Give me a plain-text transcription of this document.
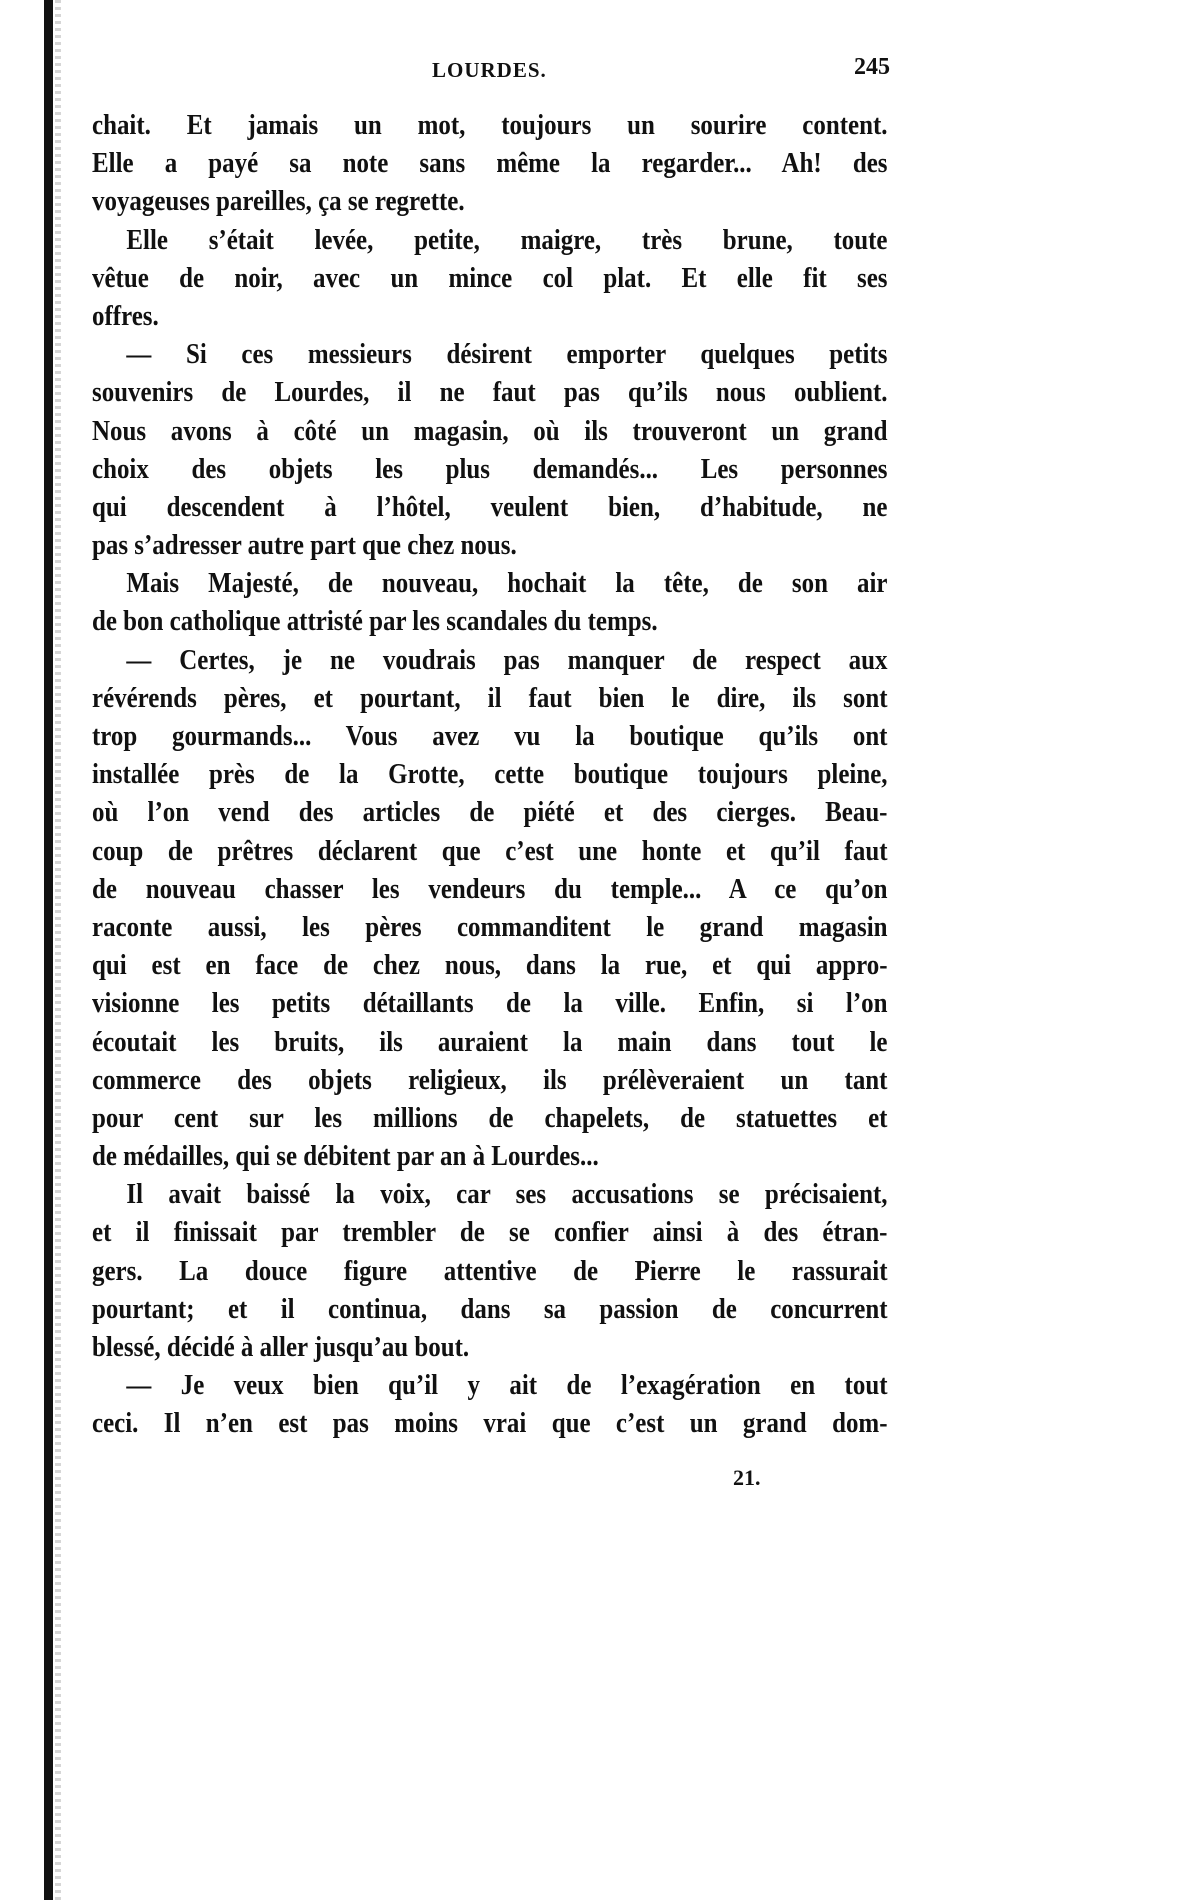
LOURDES.	245
chait. Et jamais un mot, toujours un sourire content.
Elle a payé sa note sans même la regarder... Ah! des
voyageuses pareilles, ça se regrette.
Elle s’était levée, petite, maigre, très brune, toute
vêtue de noir, avec un mince col plat. Et elle fit ses
offres.
— Si ces messieurs désirent emporter quelques petits
souvenirs de Lourdes, il ne faut pas qu’ils nous oublient.
Nous avons à côté un magasin, où ils trouveront un grand
choix des objets les plus demandés... Les personnes
qui descendent à l’hôtel, veulent bien, d’habitude, ne
pas s’adresser autre part que chez nous.
Mais Majesté, de nouveau, hochait la tête, de son air
de bon catholique attristé par les scandales du temps.
— Certes, je ne voudrais pas manquer de respect aux
révérends pères, et pourtant, il faut bien le dire, ils sont
trop gourmands... Vous avez vu la boutique qu’ils ont
installée près de la Grotte, cette boutique toujours pleine,
où l’on vend des articles de piété et des cierges. Beau-
coup de prêtres déclarent que c’est une honte et qu’il faut
de nouveau chasser les vendeurs du temple... A ce qu’on
raconte aussi, les pères commanditent le grand magasin
qui est en face de chez nous, dans la rue, et qui appro-
visionne les petits détaillants de la ville. Enfin, si l’on
écoutait les bruits, ils auraient la main dans tout le
commerce des objets religieux, ils prélèveraient un tant
pour cent sur les millions de chapelets, de statuettes et
de médailles, qui se débitent par an à Lourdes...
Il avait baissé la voix, car ses accusations se précisaient,
et il finissait par trembler de se confier ainsi à des étran-
gers. La douce figure attentive de Pierre le rassurait
pourtant; et il continua, dans sa passion de concurrent
blessé, décidé à aller jusqu’au bout.
— Je veux bien qu’il y ait de l’exagération en tout
ceci. Il n’en est pas moins vrai que c’est un grand dom-
21.
